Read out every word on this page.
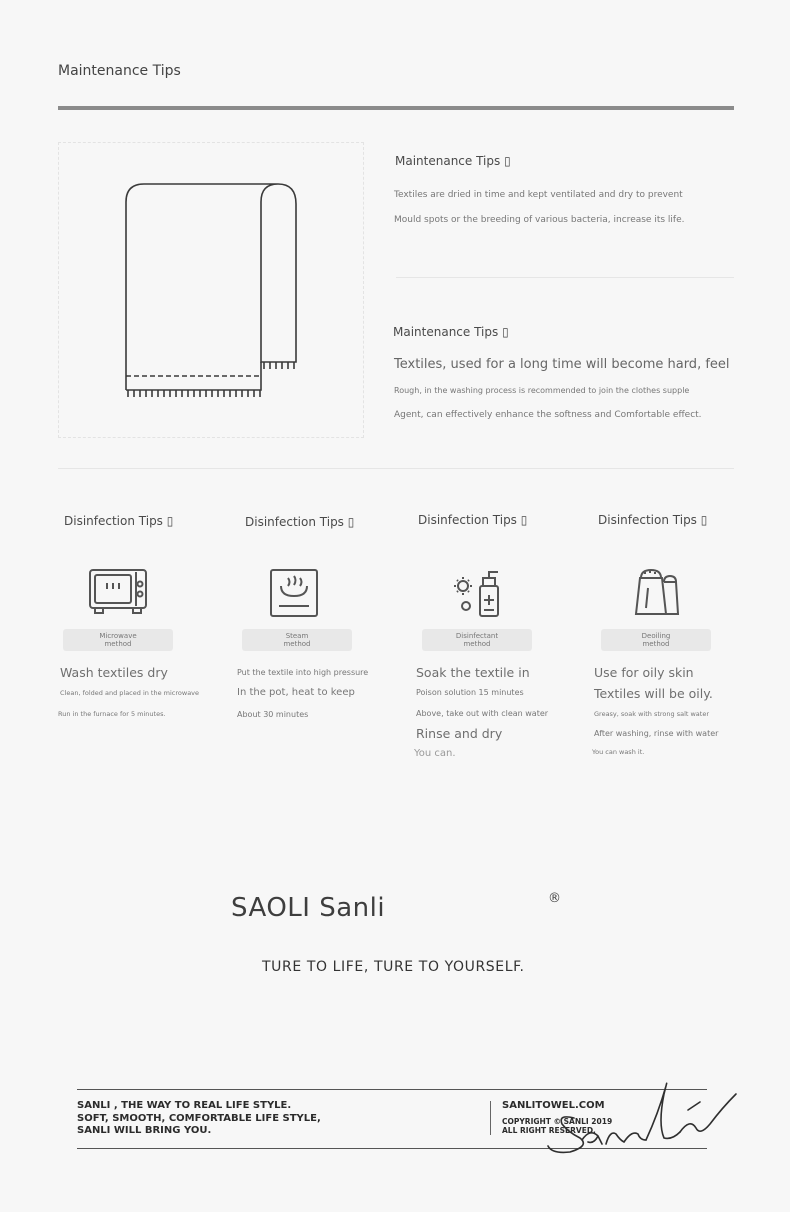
Maintenance Tips
Maintenance Tips ▯
Textiles are dried in time and kept ventilated and dry to prevent
Mould spots or the breeding of various bacteria, increase its life.
Maintenance Tips ▯
Textiles, used for a long time will become hard, feel
Rough, in the washing process is recommended to join the clothes supple
Agent, can effectively enhance the softness and Comfortable effect.
Disinfection Tips ▯
Microwave
method
Wash textiles dry
Clean, folded and placed in the microwave
Run in the furnace for 5 minutes.
Disinfection Tips ▯
Steam
method
Put the textile into high pressure
In the pot, heat to keep
About 30 minutes
Disinfection Tips ▯
Disinfectant
method
Soak the textile in
Poison solution 15 minutes
Above, take out with clean water
Rinse and dry
You can.
Disinfection Tips ▯
Deoiling
method
Use for oily skin
Textiles will be oily.
Greasy, soak with strong salt water
After washing, rinse with water
You can wash it.
SAOLI Sanli	®
TURE TO LIFE, TURE TO YOURSELF.
SANLI , THE WAY TO REAL LIFE STYLE.
SOFT, SMOOTH, COMFORTABLE LIFE STYLE,
SANLI WILL BRING YOU.
SANLITOWEL.COM
COPYRIGHT © SANLI 2019
ALL RIGHT RESERVED.
